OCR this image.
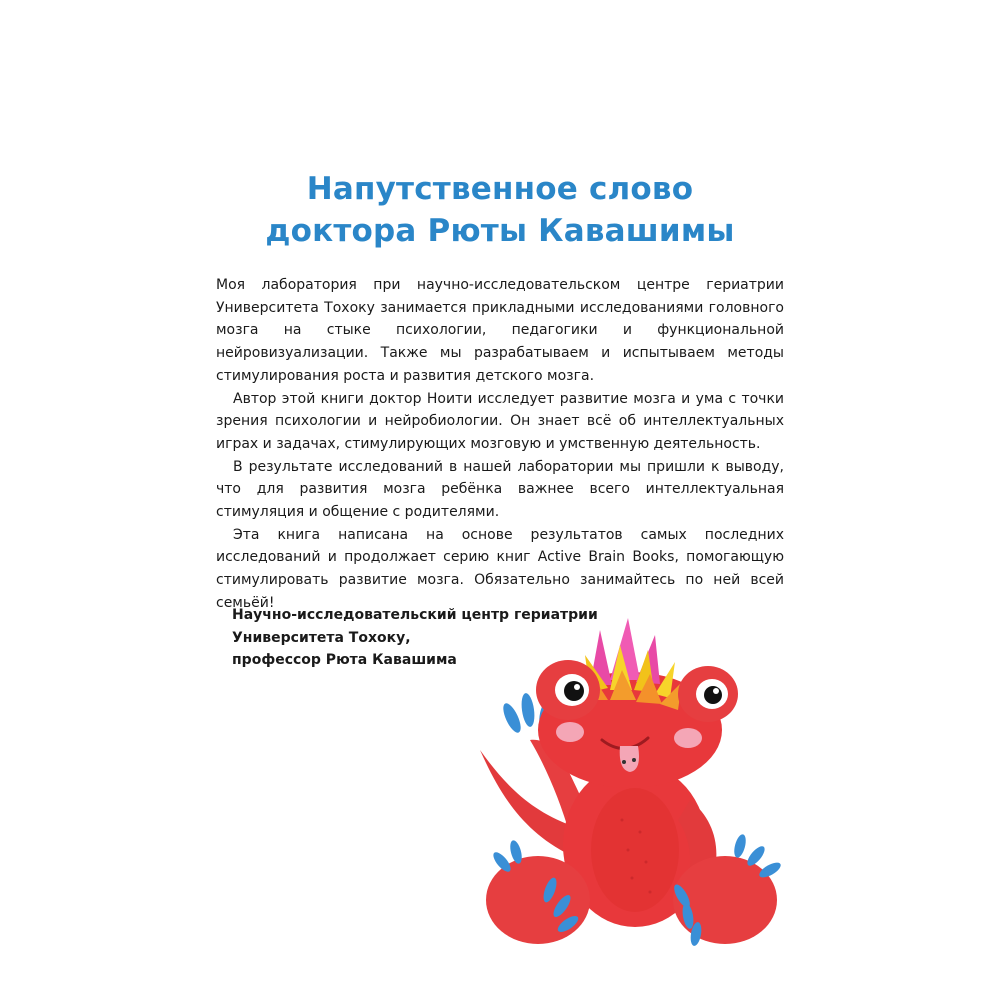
Напутственное слово
доктора Рюты Кавашимы

Моя лаборатория при научно-исследовательском центре гериатрии Университета Тохоку занимается прикладными исследованиями головного мозга на стыке психологии, педагогики и функциональной нейровизуализации. Также мы разрабатываем и испытываем методы стимулирования роста и развития детского мозга.

Автор этой книги доктор Ноити исследует развитие мозга и ума с точки зрения психологии и нейробиологии. Он знает всё об интеллектуальных играх и задачах, стимулирующих мозговую и умственную деятельность.

В результате исследований в нашей лаборатории мы пришли к выводу, что для развития мозга ребёнка важнее всего интеллектуальная стимуляция и общение с родителями.

Эта книга написана на основе результатов самых последних исследований и продолжает серию книг Active Brain Books, помогающую стимулировать развитие мозга. Обязательно занимайтесь по ней всей семьёй!

Научно-исследовательский центр гериатрии
Университета Тохоку,
профессор Рюта Кавашима
